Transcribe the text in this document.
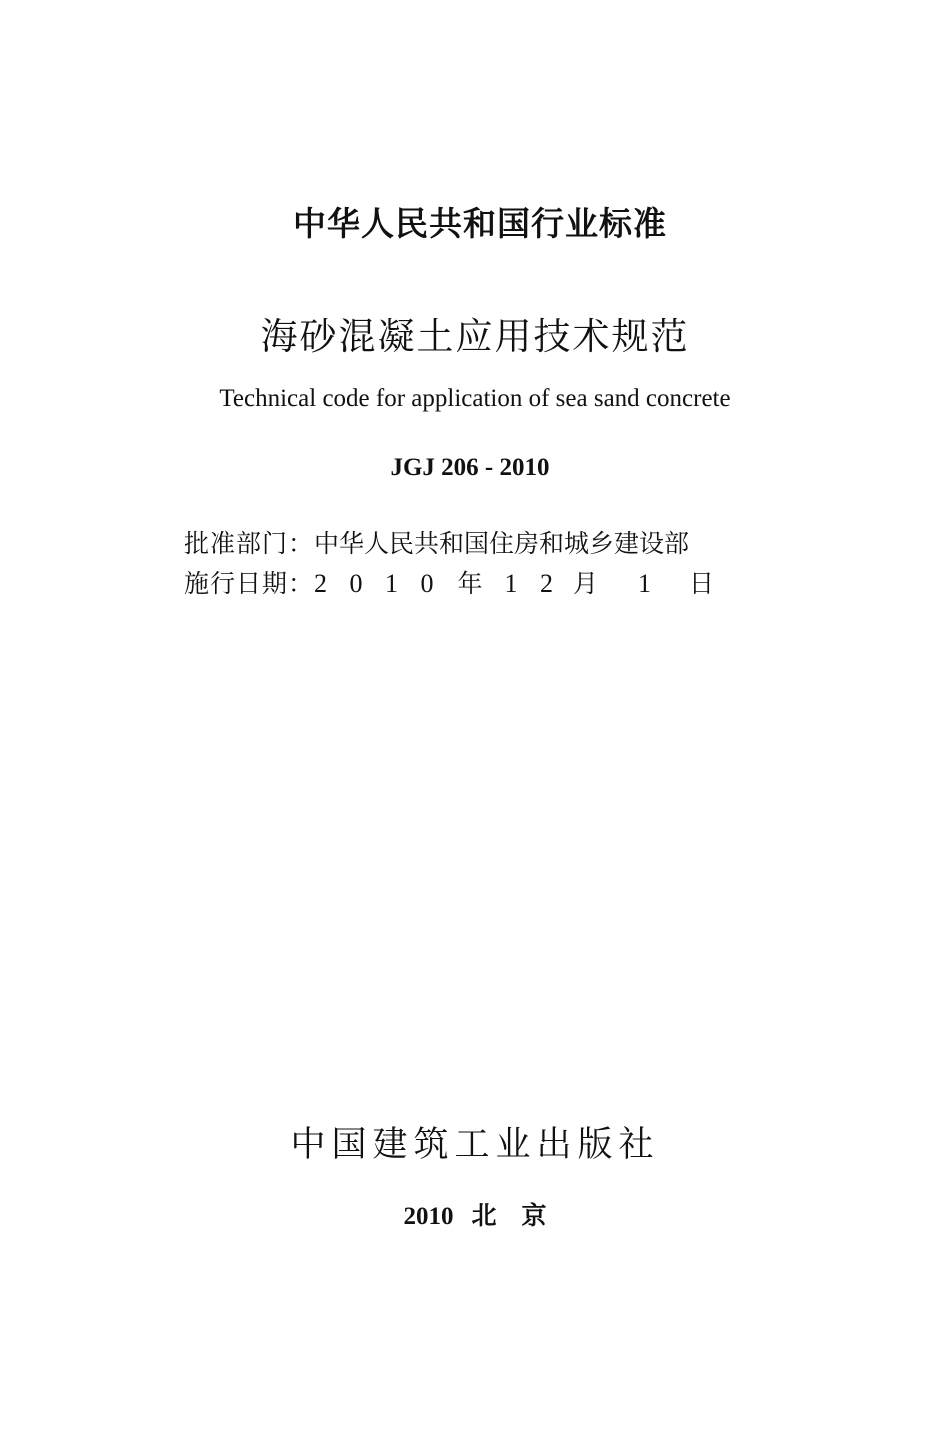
中华人民共和国行业标准
海砂混凝土应用技术规范
Technical code for application of sea sand concrete
JGJ 206 - 2010
批准部门：中华人民共和国住房和城乡建设部
施行日期：2 0 1 0 年 1 2 月 1 日
中国建筑工业出版社
2010 北　京
